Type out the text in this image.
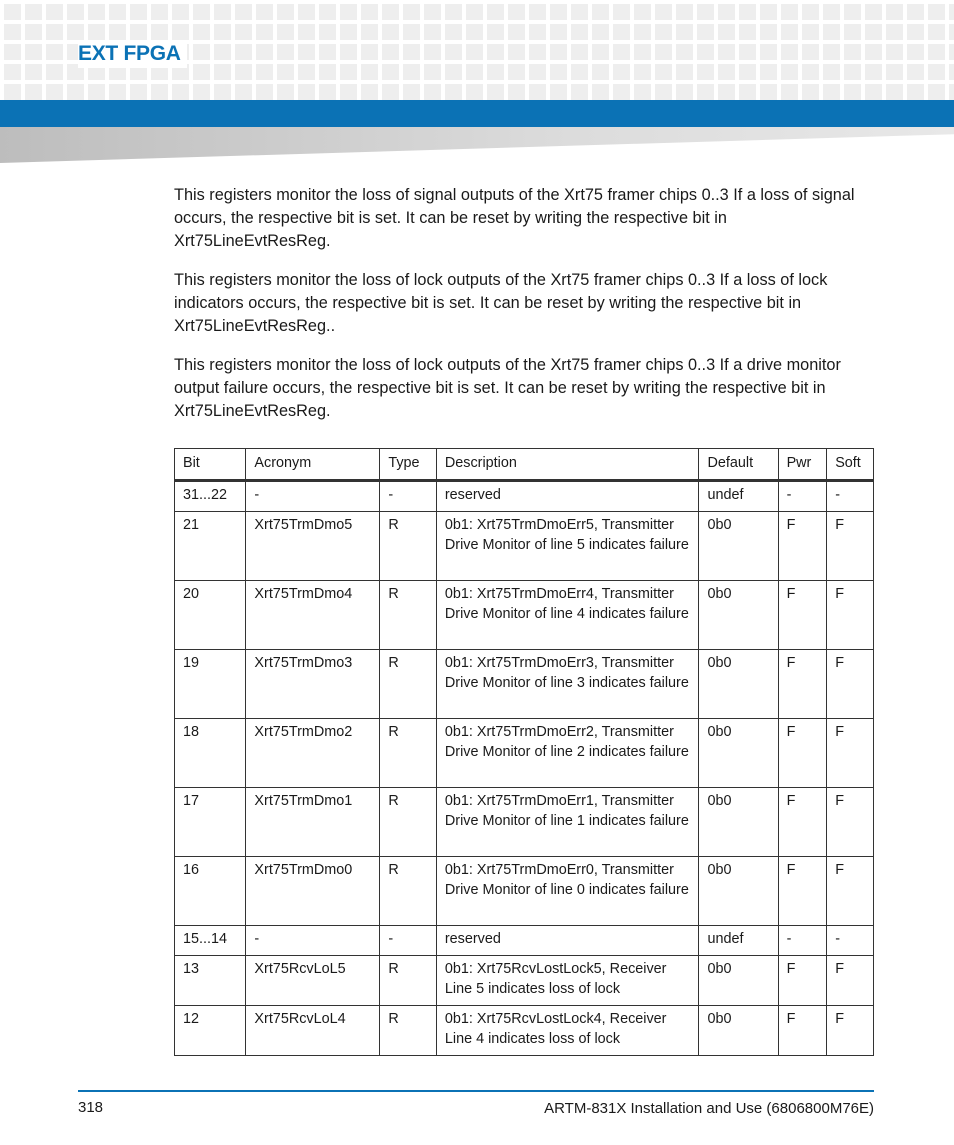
EXT FPGA

This registers monitor the loss of signal outputs of the Xrt75 framer chips 0..3 If a loss of signal occurs, the respective bit is set. It can be reset by writing the respective bit in Xrt75LineEvtResReg.

This registers monitor the loss of lock outputs of the Xrt75 framer chips 0..3 If a loss of lock indicators occurs, the respective bit is set. It can be reset by writing the respective bit in Xrt75LineEvtResReg..

This registers monitor the loss of lock outputs of the Xrt75 framer chips 0..3 If a drive monitor output failure occurs, the respective bit is set. It can be reset by writing the respective bit in Xrt75LineEvtResReg.

Bit	Acronym	Type	Description	Default	Pwr	Soft
31...22	-	-	reserved	undef	-	-
21	Xrt75TrmDmo5	R	0b1: Xrt75TrmDmoErr5, Transmitter Drive Monitor of line 5 indicates failure	0b0	F	F
20	Xrt75TrmDmo4	R	0b1: Xrt75TrmDmoErr4, Transmitter Drive Monitor of line 4 indicates failure	0b0	F	F
19	Xrt75TrmDmo3	R	0b1: Xrt75TrmDmoErr3, Transmitter Drive Monitor of line 3 indicates failure	0b0	F	F
18	Xrt75TrmDmo2	R	0b1: Xrt75TrmDmoErr2, Transmitter Drive Monitor of line 2 indicates failure	0b0	F	F
17	Xrt75TrmDmo1	R	0b1: Xrt75TrmDmoErr1, Transmitter Drive Monitor of line 1 indicates failure	0b0	F	F
16	Xrt75TrmDmo0	R	0b1: Xrt75TrmDmoErr0, Transmitter Drive Monitor of line 0 indicates failure	0b0	F	F
15...14	-	-	reserved	undef	-	-
13	Xrt75RcvLoL5	R	0b1: Xrt75RcvLostLock5, Receiver Line 5 indicates loss of lock	0b0	F	F
12	Xrt75RcvLoL4	R	0b1: Xrt75RcvLostLock4, Receiver Line 4 indicates loss of lock	0b0	F	F
318	ARTM-831X Installation and Use (6806800M76E)
